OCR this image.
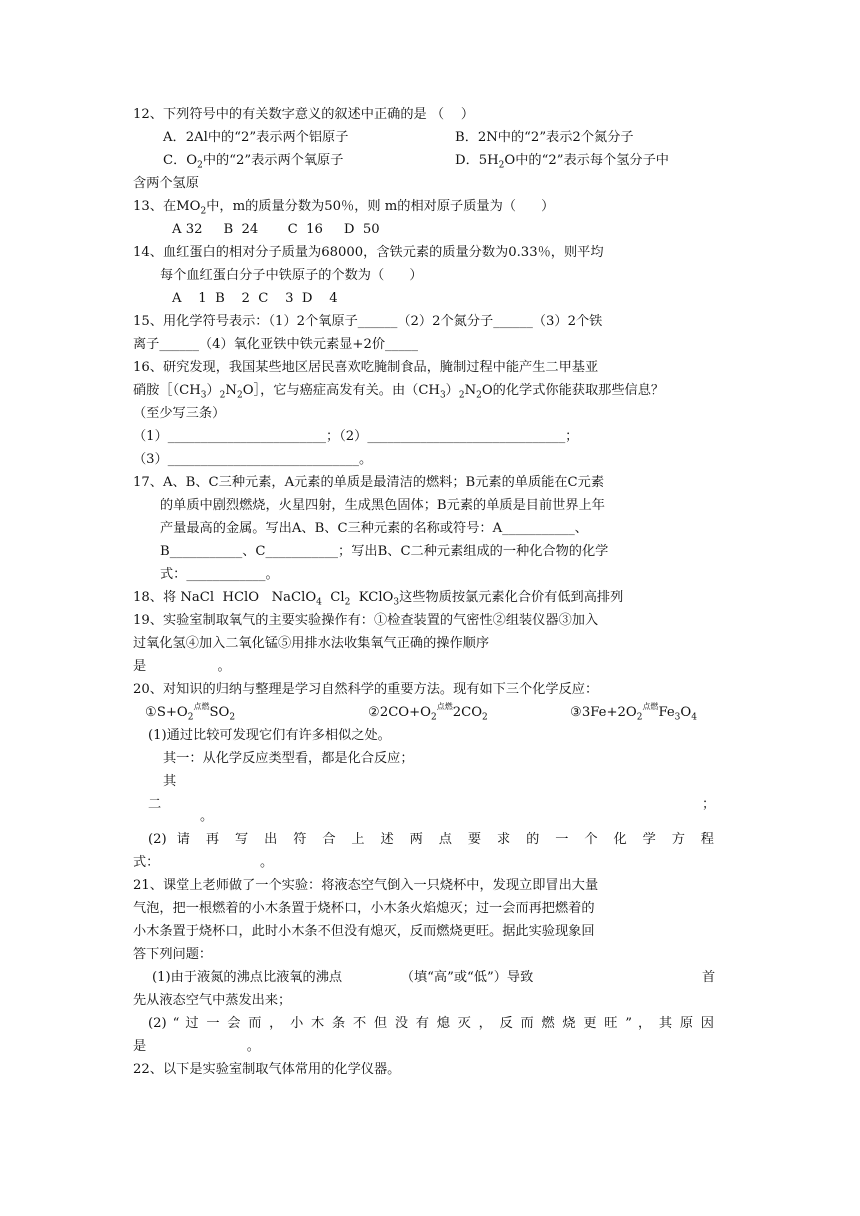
12、下列符号中的有关数字意义的叙述中正确的是 （    ）
A．2Al中的“2”表示两个铝原子	B．2N中的“2”表示2个氮分子
C．$O_2$中的“2”表示两个氧原子	D．$5H_2O$中的“2”表示每个氢分子中
含两个氢原
13、在$MO_2$中，m的质量分数为50％，则 m的相对原子质量为（      ）
A 32     B  24       C  16     D  50
14、血红蛋白的相对分子质量为68000，含铁元素的质量分数为0.33％，则平均
每个血红蛋白分子中铁原子的个数为（      ）
A    1  B    2  C    3  D    4
15、用化学符号表示：（1）2个氧原子______（2）2个氮分子______（3）2个铁
离子______（4）氧化亚铁中铁元素显+2价_____
16、研究发现，我国某些地区居民喜欢吃腌制食品，腌制过程中能产生二甲基亚
硝胺$[(CH_3)_2N_2O]$，它与癌症高发有关。由$(CH_3)_2N_2O$的化学式你能获取那些信息？
（至少写三条）
（1）________________________；（2）______________________________；
（3）_____________________________。
17、A、B、C三种元素，A元素的单质是最清洁的燃料；B元素的单质能在C元素
的单质中剧烈燃烧，火星四射，生成黑色固体；B元素的单质是目前世界上年
产量最高的金属。写出A、B、C三种元素的名称或符号：A___________、
B___________、C___________；写出B、C二种元素组成的一种化合物的化学
式：____________。
18、将 NaCl  HClO   NaClO$_4$  $Cl_2$  KClO$_3$这些物质按氯元素化合价有低到高排列
19、实验室制取氧气的主要实验操作有：①检查装置的气密性②组装仪器③加入
过氧化氢④加入二氧化锰⑤用排水法收集氧气正确的操作顺序
是                 。
20、对知识的归纳与整理是学习自然科学的重要方法。现有如下三个化学反应：
$①S+O_2^{点燃}SO_2$	$②2CO+O_2^{点燃}2CO_2$	$③3Fe+2O_2^{点燃}Fe_3O_4$
(1)通过比较可发现它们有许多相似之处。
其一：从化学反应类型看，都是化合反应；
其
二	；
。
(2) 请 再 写 出 符 合 上 述 两 点 要 求 的 一 个 化 学 方 程
式：                        。
21、课堂上老师做了一个实验：将液态空气倒入一只烧杯中，发现立即冒出大量
气泡，把一根燃着的小木条置于烧杯口，小木条火焰熄灭；过一会而再把燃着的
小木条置于烧杯口，此时小木条不但没有熄灭，反而燃烧更旺。据此实验现象回
答下列问题：
(1)由于液氮的沸点比液氧的沸点              （填“高”或“低”）导致	首
先从液态空气中蒸发出来；
(2) “ 过 一 会 而 ， 小 木 条 不 但 没 有 熄 灭 ， 反 而 燃 烧 更 旺 ” ， 其 原 因
是                        。
22、以下是实验室制取气体常用的化学仪器。
